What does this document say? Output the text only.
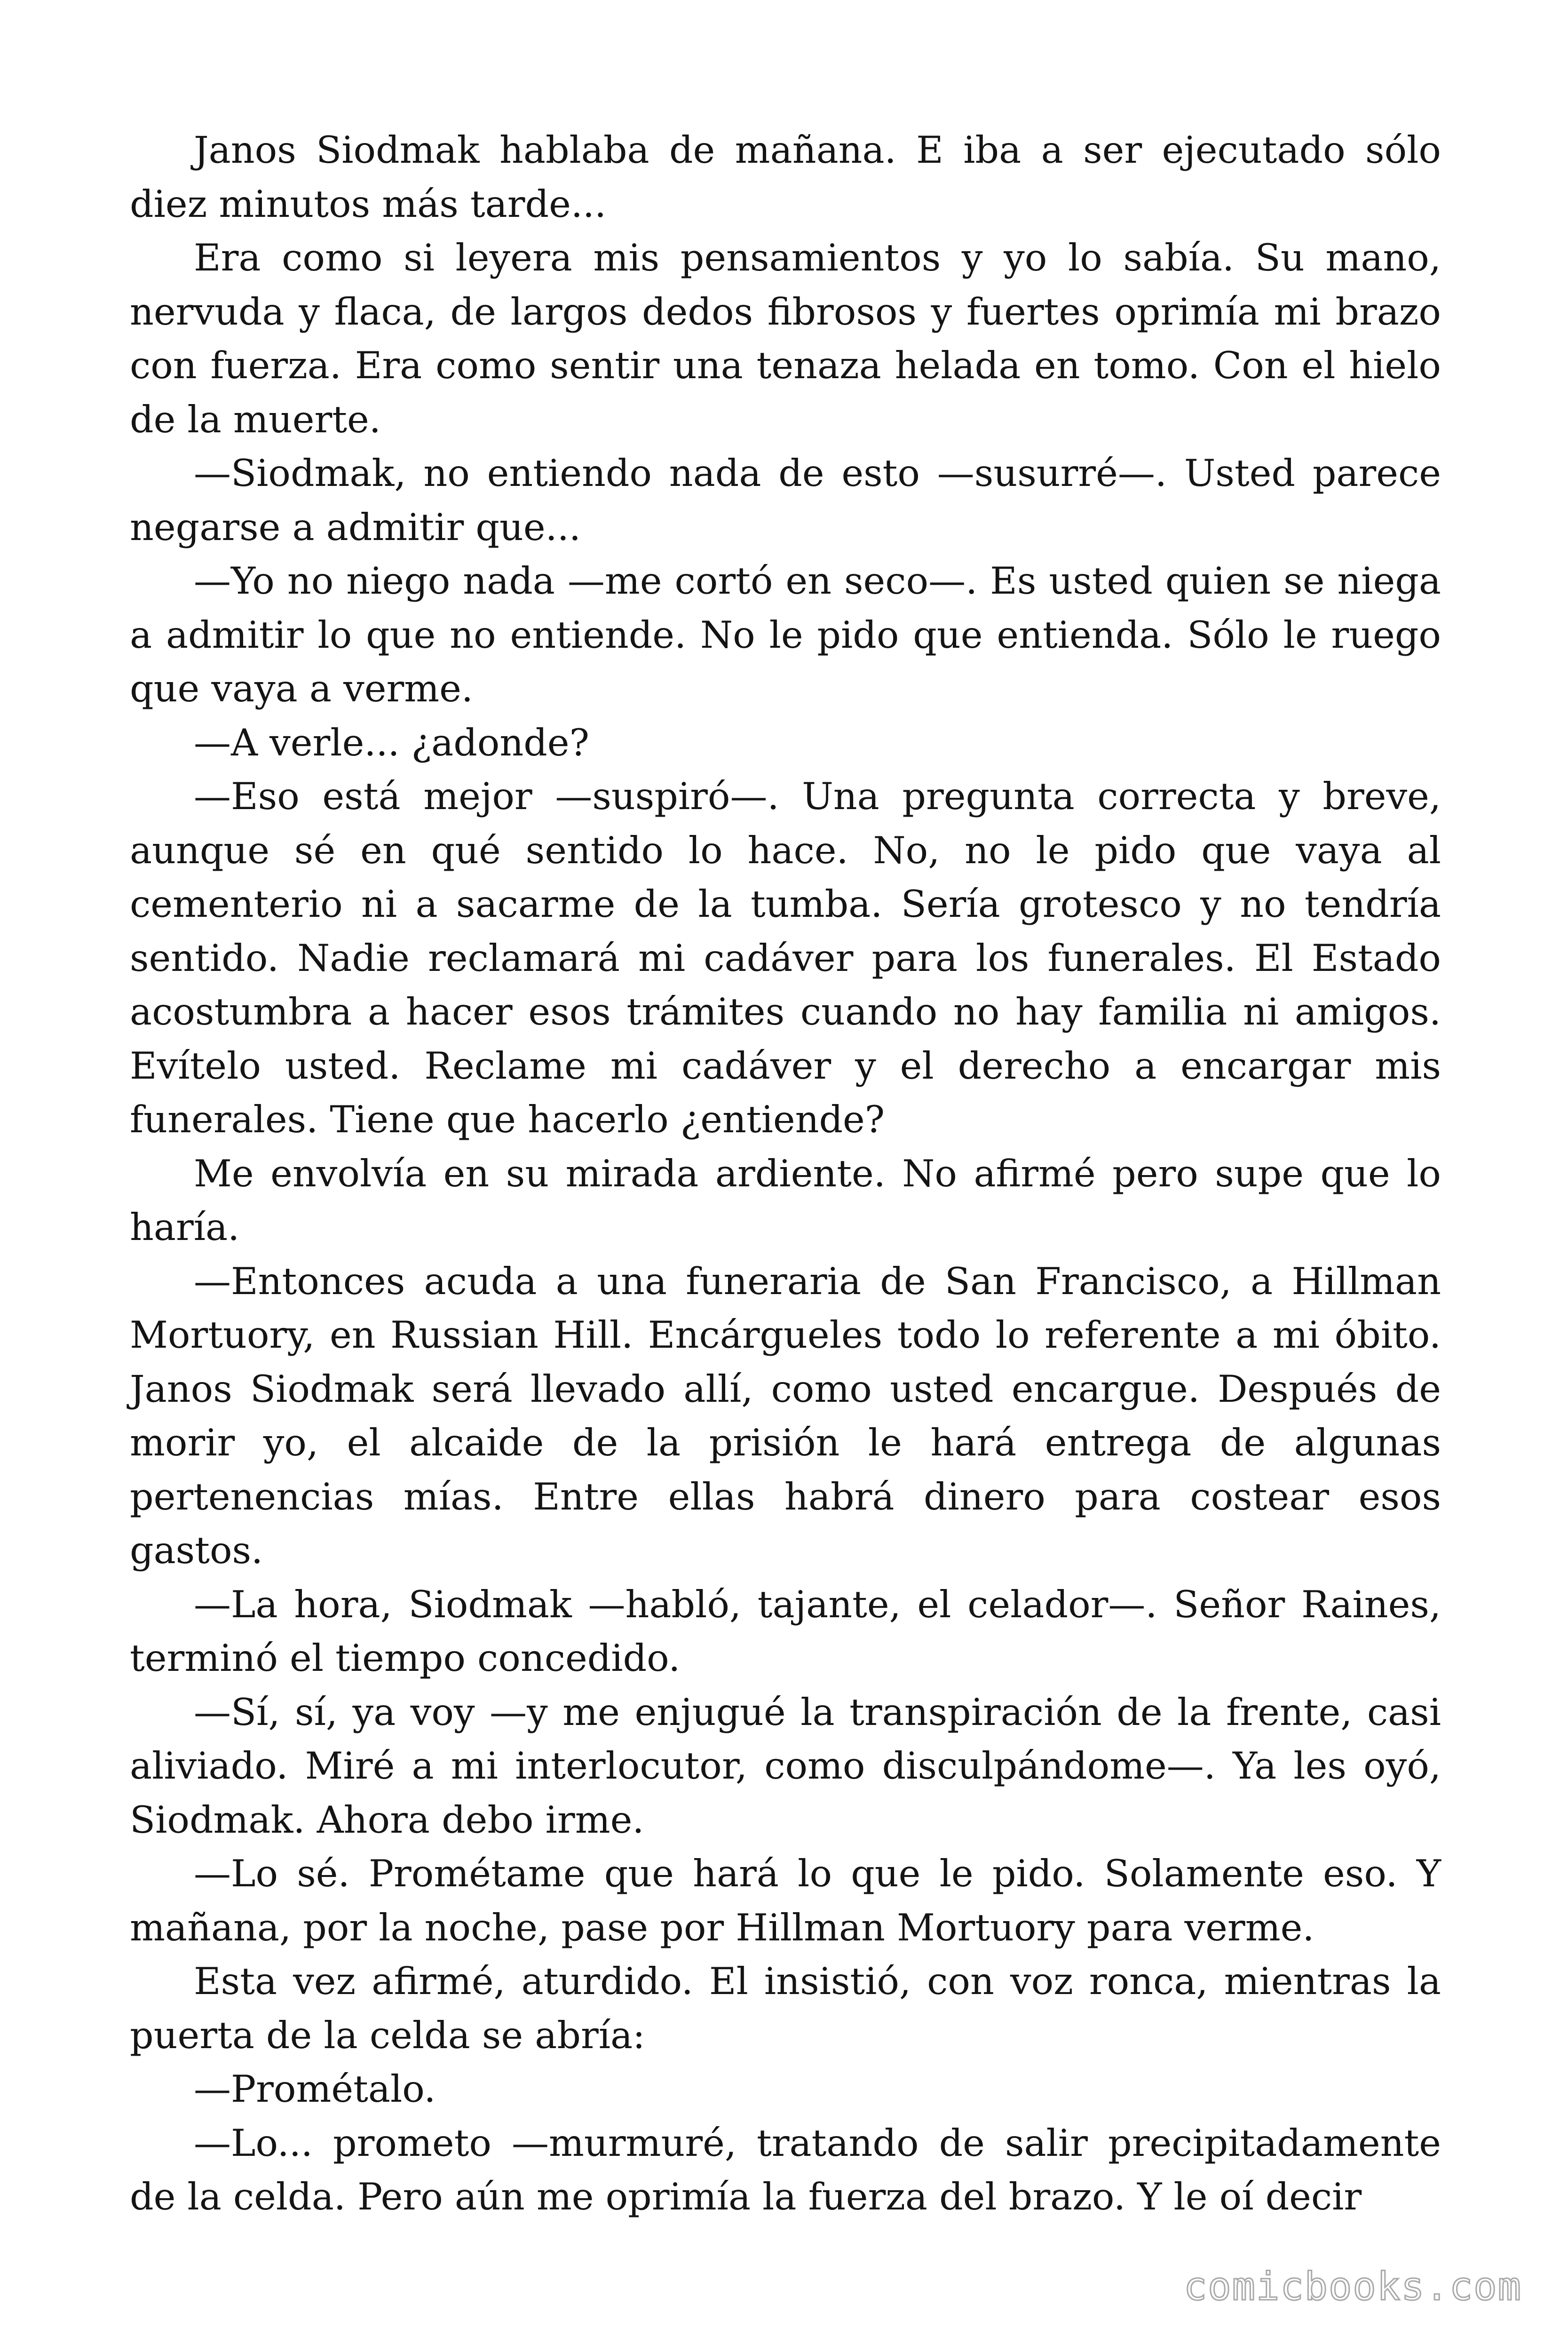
Janos Siodmak hablaba de mañana. E iba a ser ejecutado sólo diez minutos más tarde...

Era como si leyera mis pensamientos y yo lo sabía. Su mano, nervuda y flaca, de largos dedos fibrosos y fuertes oprimía mi brazo con fuerza. Era como sentir una tenaza helada en tomo. Con el hielo de la muerte.

—Siodmak, no entiendo nada de esto —susurré—. Usted parece negarse a admitir que...

—Yo no niego nada —me cortó en seco—. Es usted quien se niega a admitir lo que no entiende. No le pido que entienda. Sólo le ruego que vaya a verme.

—A verle... ¿adonde?

—Eso está mejor —suspiró—. Una pregunta correcta y breve, aunque sé en qué sentido lo hace. No, no le pido que vaya al cementerio ni a sacarme de la tumba. Sería grotesco y no tendría sentido. Nadie reclamará mi cadáver para los funerales. El Estado acostumbra a hacer esos trámites cuando no hay familia ni amigos. Evítelo usted. Reclame mi cadáver y el derecho a encargar mis funerales. Tiene que hacerlo ¿entiende?

Me envolvía en su mirada ardiente. No afirmé pero supe que lo haría.

—Entonces acuda a una funeraria de San Francisco, a Hillman Mortuory, en Russian Hill. Encárgueles todo lo referente a mi óbito. Janos Siodmak será llevado allí, como usted encargue. Después de morir yo, el alcaide de la prisión le hará entrega de algunas pertenencias mías. Entre ellas habrá dinero para costear esos gastos.

—La hora, Siodmak —habló, tajante, el celador—. Señor Raines, terminó el tiempo concedido.

—Sí, sí, ya voy —y me enjugué la transpiración de la frente, casi aliviado. Miré a mi interlocutor, como disculpándome—. Ya les oyó, Siodmak. Ahora debo irme.

—Lo sé. Prométame que hará lo que le pido. Solamente eso. Y mañana, por la noche, pase por Hillman Mortuory para verme.

Esta vez afirmé, aturdido. El insistió, con voz ronca, mientras la puerta de la celda se abría:

—Prométalo.

—Lo... prometo —murmuré, tratando de salir precipitadamente de la celda. Pero aún me oprimía la fuerza del brazo. Y le oí decir

comicbooks.com
